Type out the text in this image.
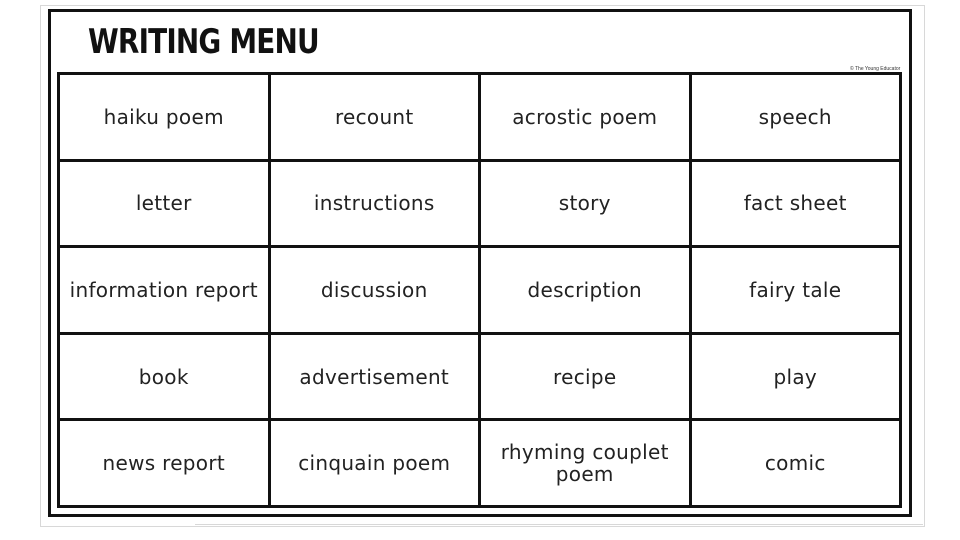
WRITING MENU
© The Young Educator
haiku poem	recount	acrostic poem	speech
letter	instructions	story	fact sheet
information report	discussion	description	fairy tale
book	advertisement	recipe	play
news report	cinquain poem	rhyming couplet poem	comic
